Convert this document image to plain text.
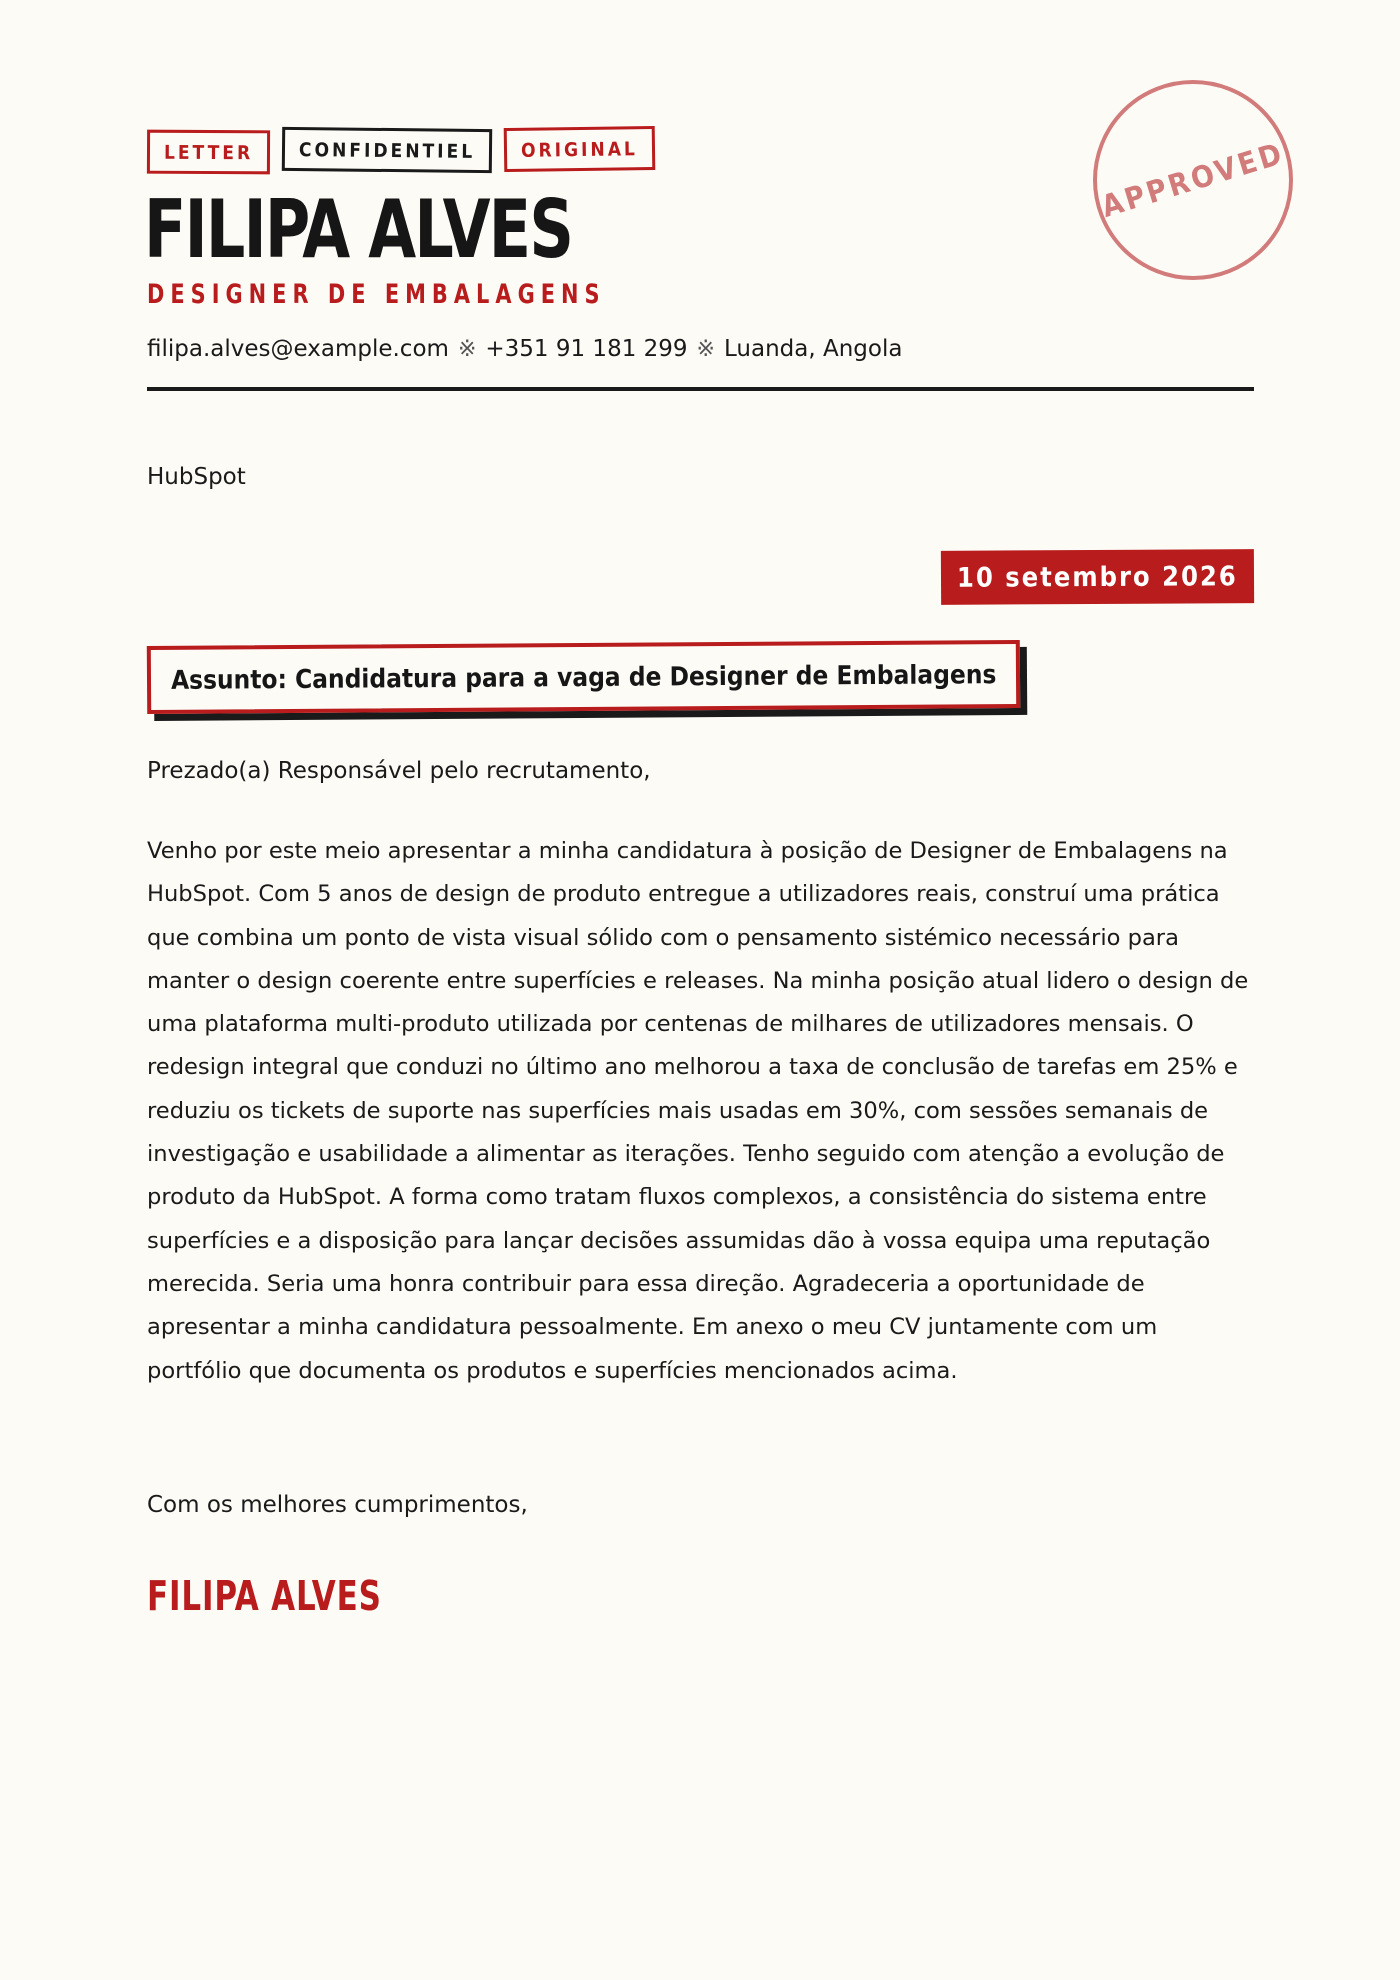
LETTER	CONFIDENTIEL	ORIGINAL	APPROVED
FILIPA ALVES
DESIGNER DE EMBALAGENS
filipa.alves@example.com ※ +351 91 181 299 ※ Luanda, Angola
HubSpot
10 setembro 2026
Assunto: Candidatura para a vaga de Designer de Embalagens

Prezado(a) Responsável pelo recrutamento,

Venho por este meio apresentar a minha candidatura à posição de Designer de Embalagens na HubSpot. Com 5 anos de design de produto entregue a utilizadores reais, construí uma prática que combina um ponto de vista visual sólido com o pensamento sistémico necessário para manter o design coerente entre superfícies e releases. Na minha posição atual lidero o design de uma plataforma multi-produto utilizada por centenas de milhares de utilizadores mensais. O redesign integral que conduzi no último ano melhorou a taxa de conclusão de tarefas em 25% e reduziu os tickets de suporte nas superfícies mais usadas em 30%, com sessões semanais de investigação e usabilidade a alimentar as iterações. Tenho seguido com atenção a evolução de produto da HubSpot. A forma como tratam fluxos complexos, a consistência do sistema entre superfícies e a disposição para lançar decisões assumidas dão à vossa equipa uma reputação merecida. Seria uma honra contribuir para essa direção. Agradeceria a oportunidade de apresentar a minha candidatura pessoalmente. Em anexo o meu CV juntamente com um portfólio que documenta os produtos e superfícies mencionados acima.

Com os melhores cumprimentos,

FILIPA ALVES
